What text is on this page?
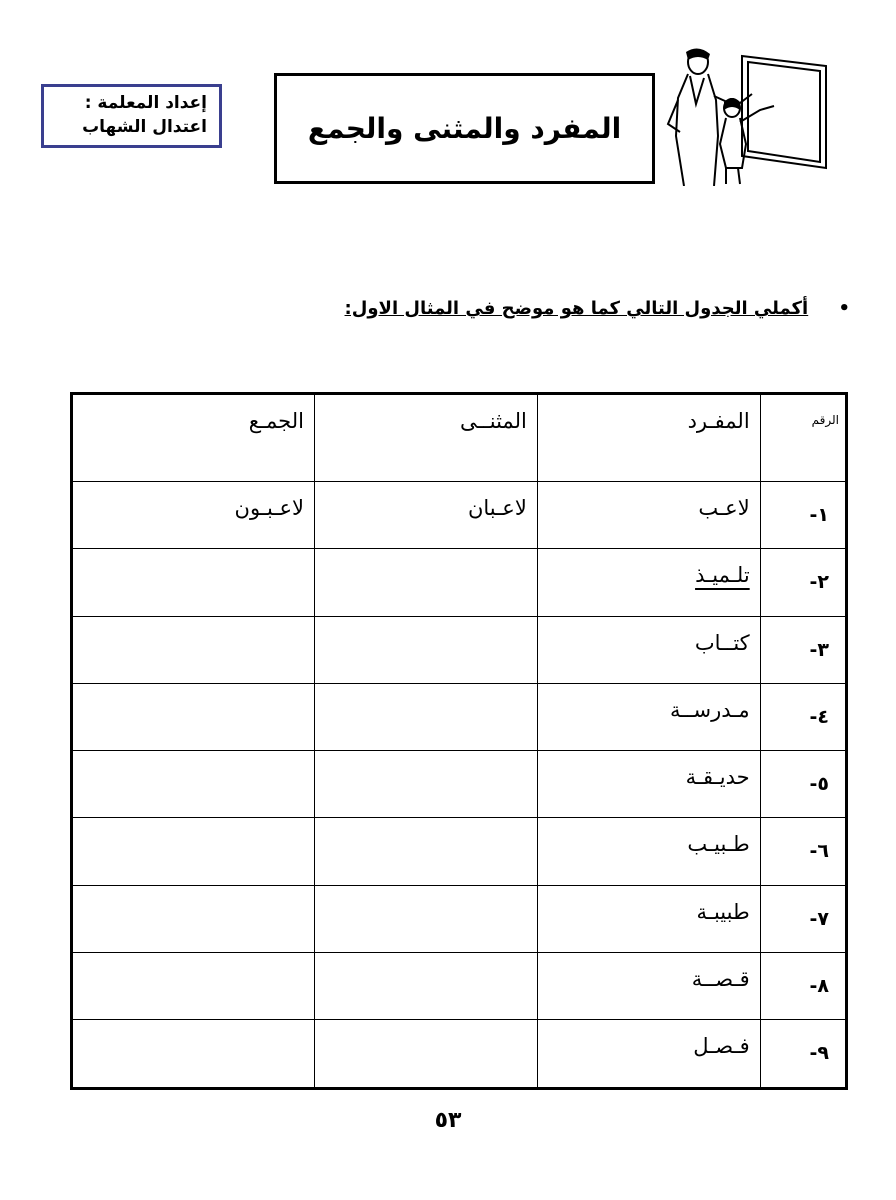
إعداد المعلمة :
اعتدال الشهاب	المفرد والمثنى والجمع
• أكملي الجدول التالي كما هو موضح في المثال الاول:
الرقم	المفـرد	المثنــى	الجمـع
١-	لاعـب	لاعـبان	لاعـبـون
٢-	تلـميـذ		
٣-	كتــاب		
٤-	مـدرســة		
٥-	حديـقـة		
٦-	طـبيـب		
٧-	طبيبـة		
٨-	قـصــة		
٩-	فـصـل		
٥٣
